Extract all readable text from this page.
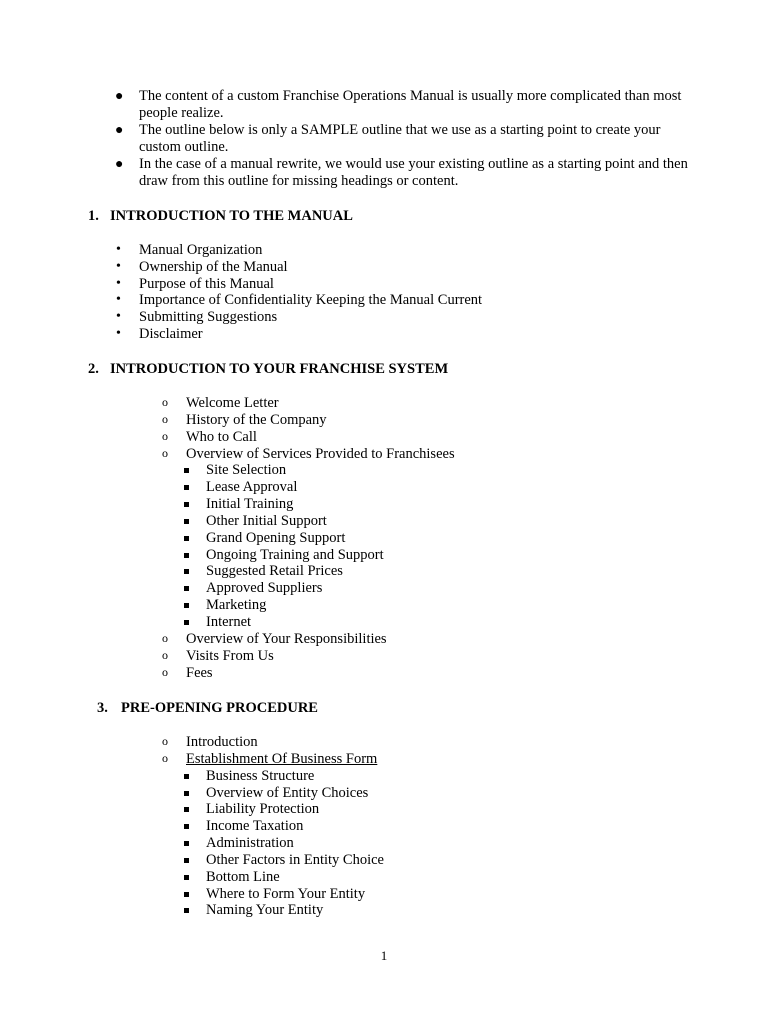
● The content of a custom Franchise Operations Manual is usually more complicated than most people realize.
● The outline below is only a SAMPLE outline that we use as a starting point to create your custom outline.
● In the case of a manual rewrite, we would use your existing outline as a starting point and then draw from this outline for missing headings or content.
1. INTRODUCTION TO THE MANUAL
• Manual Organization
• Ownership of the Manual
• Purpose of this Manual
• Importance of Confidentiality Keeping the Manual Current
• Submitting Suggestions
• Disclaimer
2. INTRODUCTION TO YOUR FRANCHISE SYSTEM
o Welcome Letter
o History of the Company
o Who to Call
o Overview of Services Provided to Franchisees
Site Selection
Lease Approval
Initial Training
Other Initial Support
Grand Opening Support
Ongoing Training and Support
Suggested Retail Prices
Approved Suppliers
Marketing
Internet
o Overview of Your Responsibilities
o Visits From Us
o Fees
3. PRE-OPENING PROCEDURE
o Introduction
o Establishment Of Business Form
Business Structure
Overview of Entity Choices
Liability Protection
Income Taxation
Administration
Other Factors in Entity Choice
Bottom Line
Where to Form Your Entity
Naming Your Entity
1
